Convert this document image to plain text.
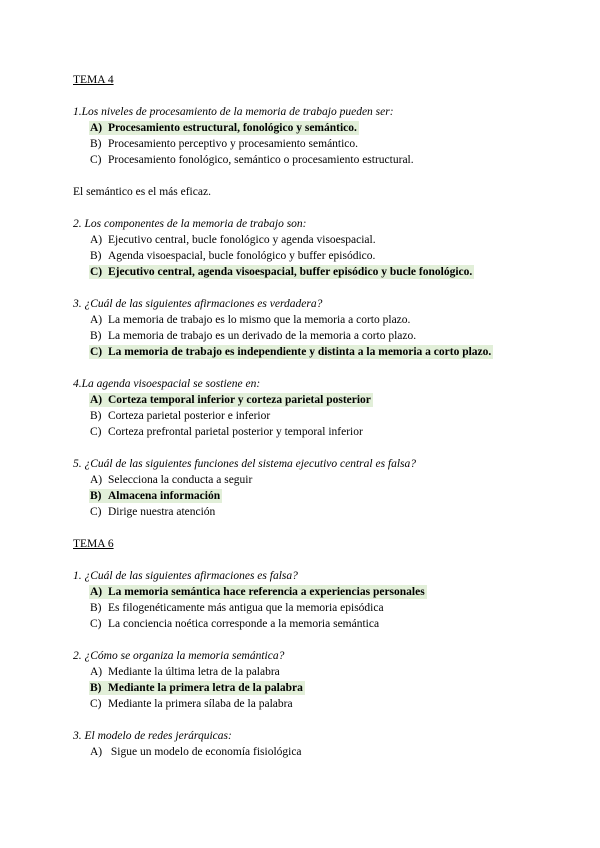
TEMA 4
1.Los niveles de procesamiento de la memoria de trabajo pueden ser:
A) Procesamiento estructural, fonológico y semántico.
B) Procesamiento perceptivo y procesamiento semántico.
C) Procesamiento fonológico, semántico o procesamiento estructural.
El semántico es el más eficaz.
2. Los componentes de la memoria de trabajo son:
A) Ejecutivo central, bucle fonológico y agenda visoespacial.
B) Agenda visoespacial, bucle fonológico y buffer episódico.
C) Ejecutivo central, agenda visoespacial, buffer episódico y bucle fonológico.
3. ¿Cuál de las siguientes afirmaciones es verdadera?
A) La memoria de trabajo es lo mismo que la memoria a corto plazo.
B) La memoria de trabajo es un derivado de la memoria a corto plazo.
C) La memoria de trabajo es independiente y distinta a la memoria a corto plazo.
4.La agenda visoespacial se sostiene en:
A) Corteza temporal inferior y corteza parietal posterior
B) Corteza parietal posterior e inferior
C) Corteza prefrontal parietal posterior y temporal inferior
5. ¿Cuál de las siguientes funciones del sistema ejecutivo central es falsa?
A) Selecciona la conducta a seguir
B) Almacena información
C) Dirige nuestra atención
TEMA 6
1. ¿Cuál de las siguientes afirmaciones es falsa?
A) La memoria semántica hace referencia a experiencias personales
B) Es filogenéticamente más antigua que la memoria episódica
C) La conciencia noética corresponde a la memoria semántica
2. ¿Cómo se organiza la memoria semántica?
A) Mediante la última letra de la palabra
B) Mediante la primera letra de la palabra
C) Mediante la primera sílaba de la palabra
3. El modelo de redes jerárquicas:
A) Sigue un modelo de economía fisiológica
